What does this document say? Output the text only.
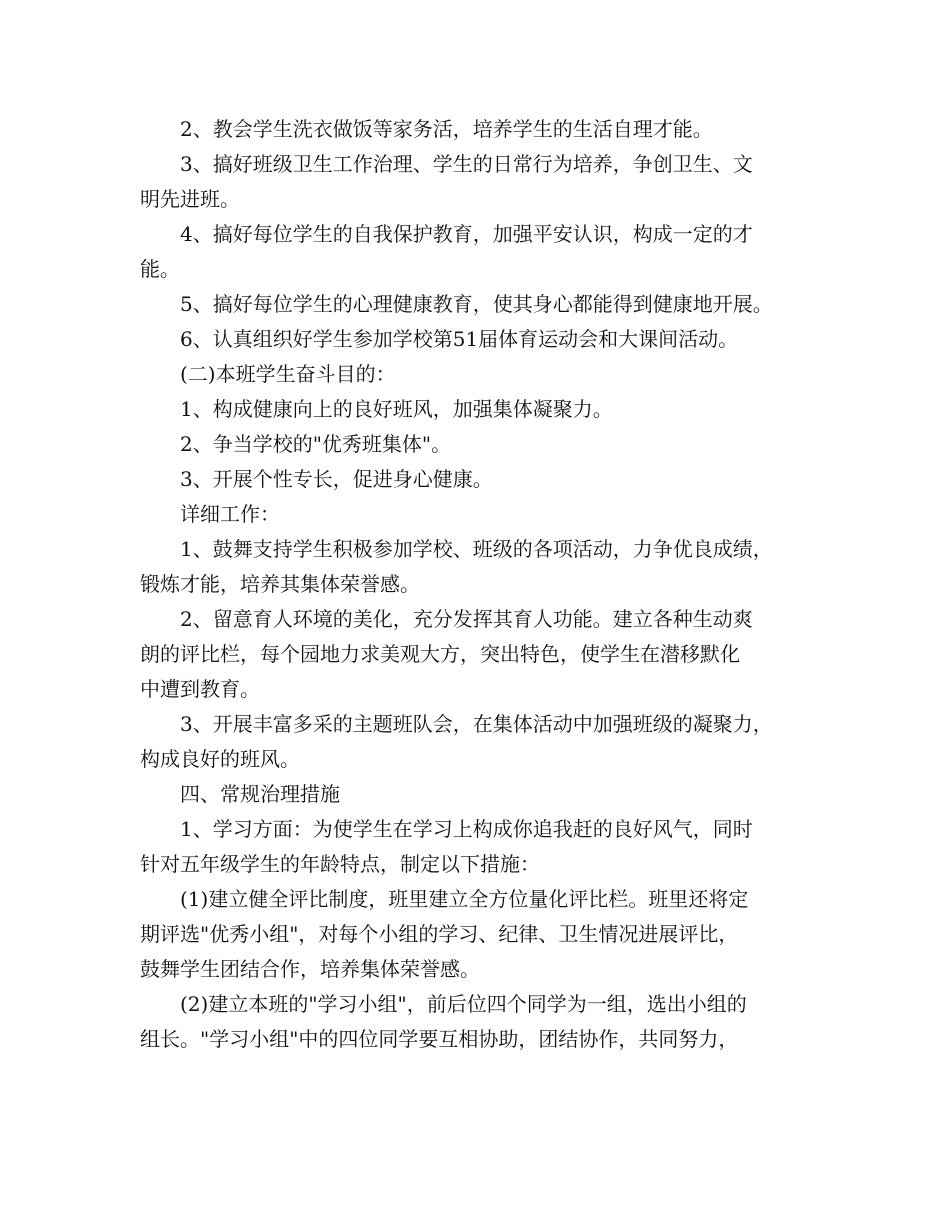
2、教会学生洗衣做饭等家务活，培养学生的生活自理才能。
3、搞好班级卫生工作治理、学生的日常行为培养，争创卫生、文
明先进班。
4、搞好每位学生的自我保护教育，加强平安认识，构成一定的才
能。
5、搞好每位学生的心理健康教育，使其身心都能得到健康地开展。
6、认真组织好学生参加学校第51届体育运动会和大课间活动。
(二)本班学生奋斗目的：
1、构成健康向上的良好班风，加强集体凝聚力。
2、争当学校的"优秀班集体"。
3、开展个性专长，促进身心健康。
详细工作：
1、鼓舞支持学生积极参加学校、班级的各项活动，力争优良成绩，
锻炼才能，培养其集体荣誉感。
2、留意育人环境的美化，充分发挥其育人功能。建立各种生动爽
朗的评比栏，每个园地力求美观大方，突出特色，使学生在潜移默化
中遭到教育。
3、开展丰富多采的主题班队会，在集体活动中加强班级的凝聚力，
构成良好的班风。
四、常规治理措施
1、学习方面：为使学生在学习上构成你追我赶的良好风气，同时
针对五年级学生的年龄特点，制定以下措施：
(1)建立健全评比制度，班里建立全方位量化评比栏。班里还将定
期评选"优秀小组"，对每个小组的学习、纪律、卫生情况进展评比，
鼓舞学生团结合作，培养集体荣誉感。
(2)建立本班的"学习小组"，前后位四个同学为一组，选出小组的
组长。"学习小组"中的四位同学要互相协助，团结协作，共同努力，
